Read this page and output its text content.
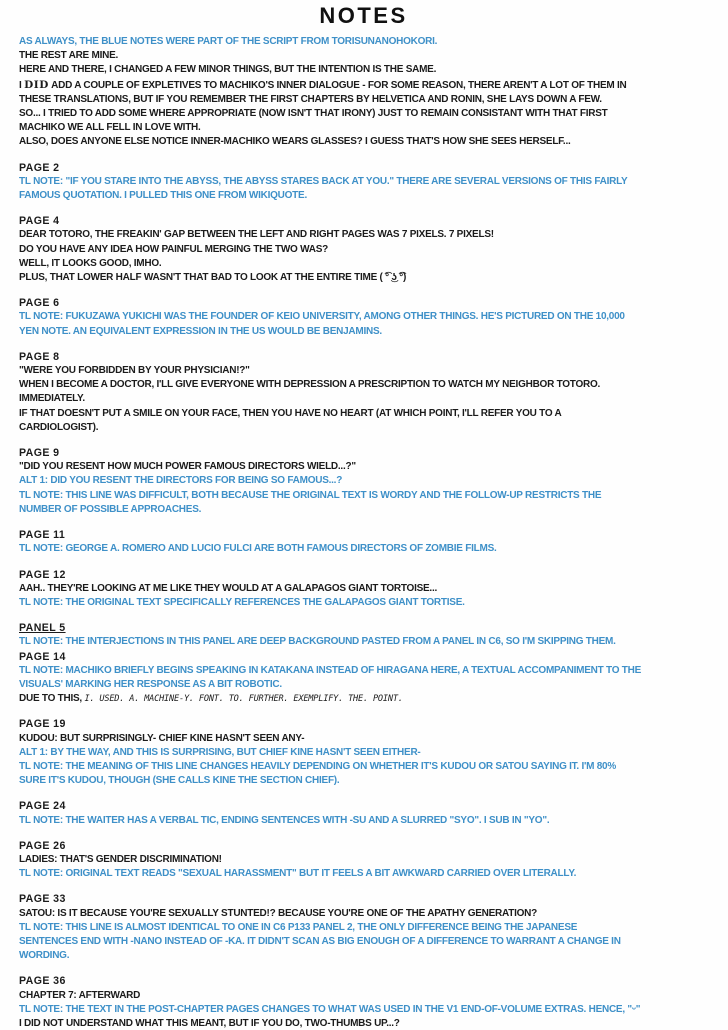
NOTES
AS ALWAYS, THE BLUE NOTES WERE PART OF THE SCRIPT FROM TORISUNANOHOKORI.
THE REST ARE MINE.
HERE AND THERE, I CHANGED A FEW MINOR THINGS, BUT THE INTENTION IS THE SAME.
I DID ADD A COUPLE OF EXPLETIVES TO MACHIKO'S INNER DIALOGUE - FOR SOME REASON, THERE AREN'T A LOT OF THEM IN
THESE TRANSLATIONS, BUT IF YOU REMEMBER THE FIRST CHAPTERS BY HELVETICA AND RONIN, SHE LAYS DOWN A FEW.
SO... I TRIED TO ADD SOME WHERE APPROPRIATE (NOW ISN'T THAT IRONY) JUST TO REMAIN CONSISTANT WITH THAT FIRST
MACHIKO WE ALL FELL IN LOVE WITH.
ALSO, DOES ANYONE ELSE NOTICE INNER-MACHIKO WEARS GLASSES? I GUESS THAT'S HOW SHE SEES HERSELF...
PAGE 2
TL NOTE: "IF YOU STARE INTO THE ABYSS, THE ABYSS STARES BACK AT YOU." THERE ARE SEVERAL VERSIONS OF THIS FAIRLY
FAMOUS QUOTATION. I PULLED THIS ONE FROM WIKIQUOTE.
PAGE 4
DEAR TOTORO, THE FREAKIN' GAP BETWEEN THE LEFT AND RIGHT PAGES WAS 7 PIXELS. 7 PIXELS!
DO YOU HAVE ANY IDEA HOW PAINFUL MERGING THE TWO WAS?
WELL, IT LOOKS GOOD, IMHO.
PLUS, THAT LOWER HALF WASN'T THAT BAD TO LOOK AT THE ENTIRE TIME ( ͡° ͜ʖ ͡°)
PAGE 6
TL NOTE: FUKUZAWA YUKICHI WAS THE FOUNDER OF KEIO UNIVERSITY, AMONG OTHER THINGS. HE'S PICTURED ON THE 10,000
YEN NOTE. AN EQUIVALENT EXPRESSION IN THE US WOULD BE BENJAMINS.
PAGE 8
"WERE YOU FORBIDDEN BY YOUR PHYSICIAN!?"
WHEN I BECOME A DOCTOR, I'LL GIVE EVERYONE WITH DEPRESSION A PRESCRIPTION TO WATCH MY NEIGHBOR TOTORO.
IMMEDIATELY.
IF THAT DOESN'T PUT A SMILE ON YOUR FACE, THEN YOU HAVE NO HEART (AT WHICH POINT, I'LL REFER YOU TO A
CARDIOLOGIST).
PAGE 9
"DID YOU RESENT HOW MUCH POWER FAMOUS DIRECTORS WIELD...?"
ALT 1: DID YOU RESENT THE DIRECTORS FOR BEING SO FAMOUS...?
TL NOTE: THIS LINE WAS DIFFICULT, BOTH BECAUSE THE ORIGINAL TEXT IS WORDY AND THE FOLLOW-UP RESTRICTS THE
NUMBER OF POSSIBLE APPROACHES.
PAGE 11
TL NOTE: GEORGE A. ROMERO AND LUCIO FULCI ARE BOTH FAMOUS DIRECTORS OF ZOMBIE FILMS.
PAGE 12
AAH.. THEY'RE LOOKING AT ME LIKE THEY WOULD AT A GALAPAGOS GIANT TORTOISE...
TL NOTE: THE ORIGINAL TEXT SPECIFICALLY REFERENCES THE GALAPAGOS GIANT TORTISE.
PANEL 5
TL NOTE: THE INTERJECTIONS IN THIS PANEL ARE DEEP BACKGROUND PASTED FROM A PANEL IN C6, SO I'M SKIPPING THEM.
PAGE 14
TL NOTE: MACHIKO BRIEFLY BEGINS SPEAKING IN KATAKANA INSTEAD OF HIRAGANA HERE, A TEXTUAL ACCOMPANIMENT TO THE
VISUALS' MARKING HER RESPONSE AS A BIT ROBOTIC.
DUE TO THIS, I. USED. A. MACHINE-Y. FONT. TO. FURTHER. EXEMPLIFY. THE. POINT.
PAGE 19
KUDOU: BUT SURPRISINGLY- CHIEF KINE HASN'T SEEN ANY-
ALT 1: BY THE WAY, AND THIS IS SURPRISING, BUT CHIEF KINE HASN'T SEEN EITHER-
TL NOTE: THE MEANING OF THIS LINE CHANGES HEAVILY DEPENDING ON WHETHER IT'S KUDOU OR SATOU SAYING IT. I'M 80%
SURE IT'S KUDOU, THOUGH (SHE CALLS KINE THE SECTION CHIEF).
PAGE 24
TL NOTE: THE WAITER HAS A VERBAL TIC, ENDING SENTENCES WITH -SU AND A SLURRED "SYO". I SUB IN "YO".
PAGE 26
LADIES: THAT'S GENDER DISCRIMINATION!
TL NOTE: ORIGINAL TEXT READS "SEXUAL HARASSMENT" BUT IT FEELS A BIT AWKWARD CARRIED OVER LITERALLY.
PAGE 33
SATOU: IS IT BECAUSE YOU'RE SEXUALLY STUNTED!? BECAUSE YOU'RE ONE OF THE APATHY GENERATION?
TL NOTE: THIS LINE IS ALMOST IDENTICAL TO ONE IN C6 P133 PANEL 2, THE ONLY DIFFERENCE BEING THE JAPANESE
SENTENCES END WITH -NANO INSTEAD OF -KA. IT DIDN'T SCAN AS BIG ENOUGH OF A DIFFERENCE TO WARRANT A CHANGE IN
WORDING.
PAGE 36
CHAPTER 7: AFTERWARD
TL NOTE: THE TEXT IN THE POST-CHAPTER PAGES CHANGES TO WHAT WAS USED IN THE V1 END-OF-VOLUME EXTRAS. HENCE, "ᵕ"
I DID NOT UNDERSTAND WHAT THIS MEANT, BUT IF YOU DO, TWO-THUMBS UP...?
